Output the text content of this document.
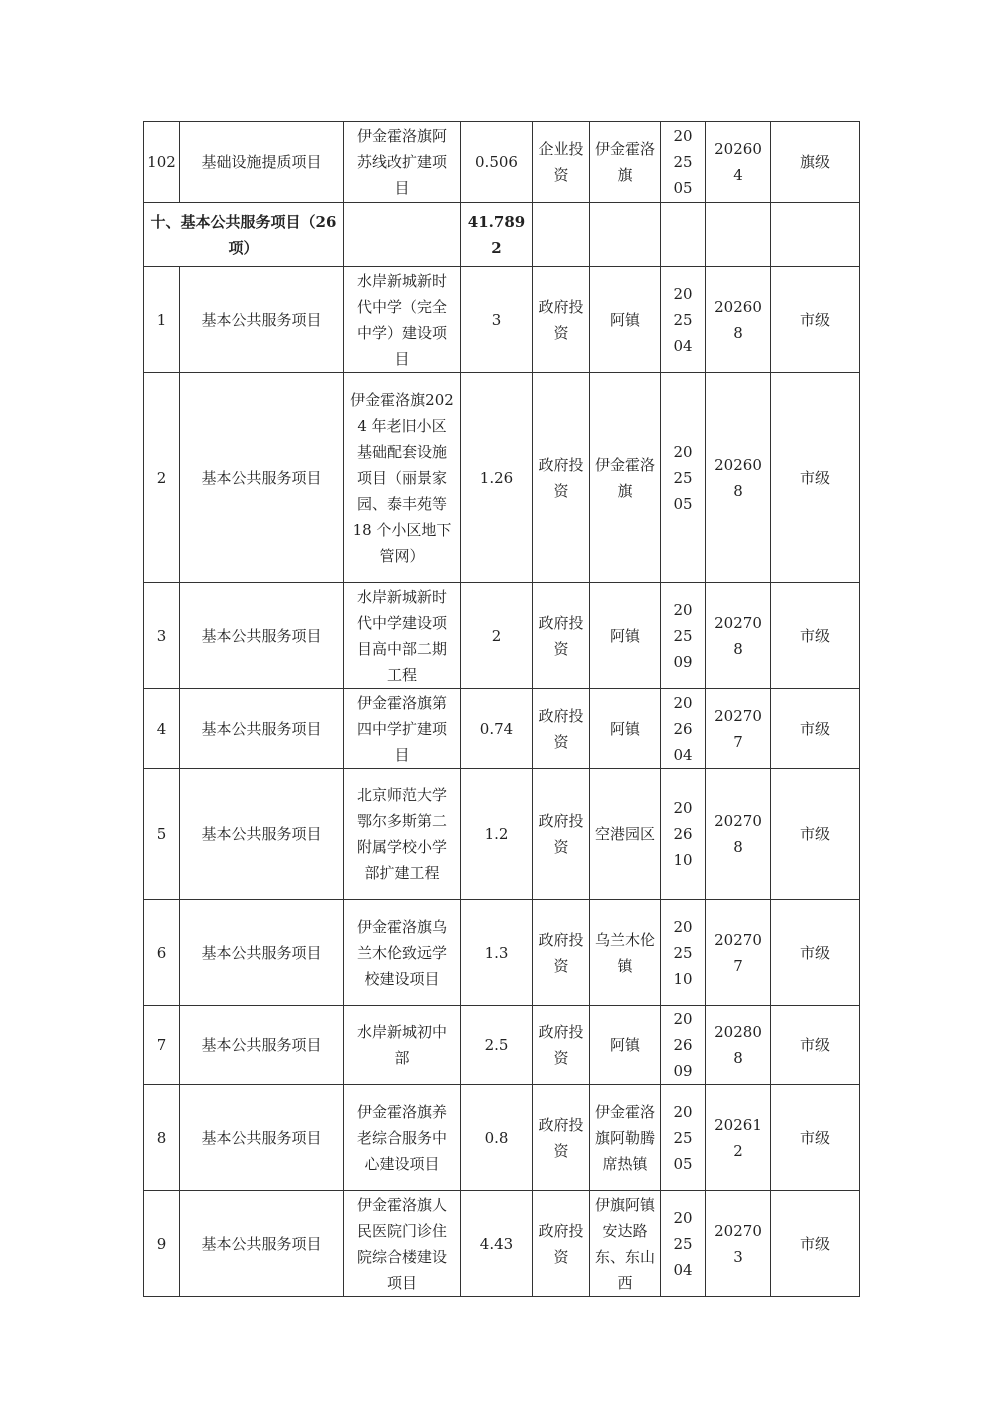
102	基础设施提质项目	伊金霍洛旗阿苏线改扩建项目	0.506	企业投资	伊金霍洛旗	202505	202604	旗级
十、基本公共服务项目（26 项）			41.7892					
1	基本公共服务项目	水岸新城新时代中学（完全中学）建设项目	3	政府投资	阿镇	202504	202608	市级
2	基本公共服务项目	伊金霍洛旗2024 年老旧小区基础配套设施项目（丽景家园、泰丰苑等 18 个小区地下管网）	1.26	政府投资	伊金霍洛旗	202505	202608	市级
3	基本公共服务项目	水岸新城新时代中学建设项目高中部二期工程	2	政府投资	阿镇	202509	202708	市级
4	基本公共服务项目	伊金霍洛旗第四中学扩建项目	0.74	政府投资	阿镇	202604	202707	市级
5	基本公共服务项目	北京师范大学鄂尔多斯第二附属学校小学部扩建工程	1.2	政府投资	空港园区	202610	202708	市级
6	基本公共服务项目	伊金霍洛旗乌兰木伦致远学校建设项目	1.3	政府投资	乌兰木伦镇	202510	202707	市级
7	基本公共服务项目	水岸新城初中部	2.5	政府投资	阿镇	202609	202808	市级
8	基本公共服务项目	伊金霍洛旗养老综合服务中心建设项目	0.8	政府投资	伊金霍洛旗阿勒腾席热镇	202505	202612	市级
9	基本公共服务项目	伊金霍洛旗人民医院门诊住院综合楼建设项目	4.43	政府投资	伊旗阿镇安达路东、东山西	202504	202703	市级
